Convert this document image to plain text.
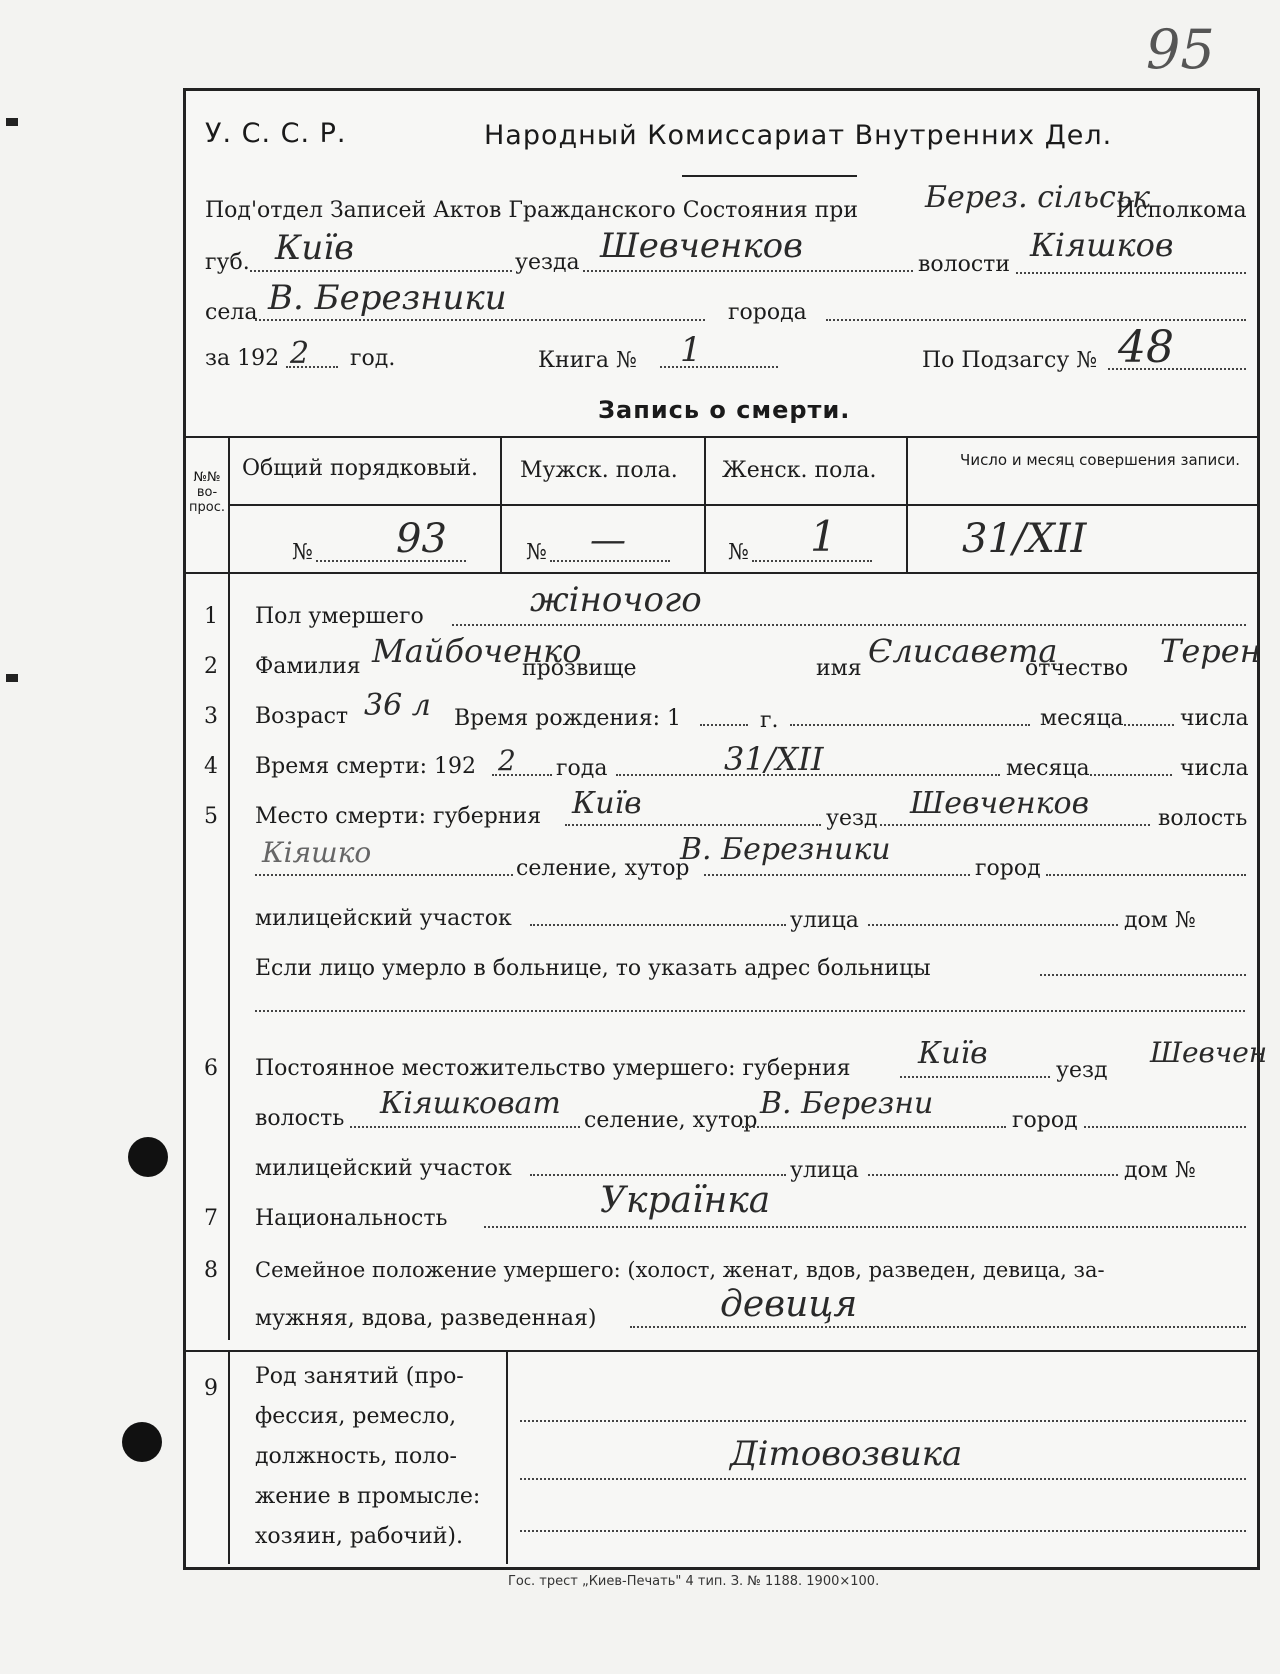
95
У. С. С. Р.	Народный Комиссариат Внутренних Дел.
Под'отдел Записей Актов Гражданского Состояния при Берез. сільськ
Исполкома
губ. Київ	уезда Шевченков	волости
Кіяшков
села В. Березники	города
за 192 2 год.	Книга № 1	По Подзагсу № 48
Запись о смерти.
№№ во-прос.
Общий порядковый. Мужск. пола. Женск. пола.	Число и месяц совершения записи.
№ 93	№ —	№ 1	31/XII
1 Пол умершего	жіночого
2 Фамилия Майбоченко
прозвище	имя Єлисавета
отчество Терен
3 Возраст 36 л Время рождения: 1	г.	месяца	числа
4 Время смерти: 192 2 года	31/XII	месяца	числа
5 Место смерти: губерния Київ	уезд Шевченков	волость
Кіяшко	селение, хутор
В. Березники
город
милицейский участок	улица	дом №
Если лицо умерло в больнице, то указать адрес больницы
6 Постоянное местожительство умершего: губерния Київ	уезд
Шевчен
волость Кіяшковат селение, хутор В. Березни	город
милицейский участок	улица	дом №
7 Национальность	Українка
8 Семейное положение умершего: (холост, женат, вдов, разведен, девица, за-
мужняя, вдова, разведенная)	девиця
9 Род занятий (про-
фессия, ремесло,
должность, поло-
жение в промысле:
хозяин, рабочий).
Дітовозвика
Гос. трест „Киев-Печать" 4 тип. З. № 1188. 1900×100.
